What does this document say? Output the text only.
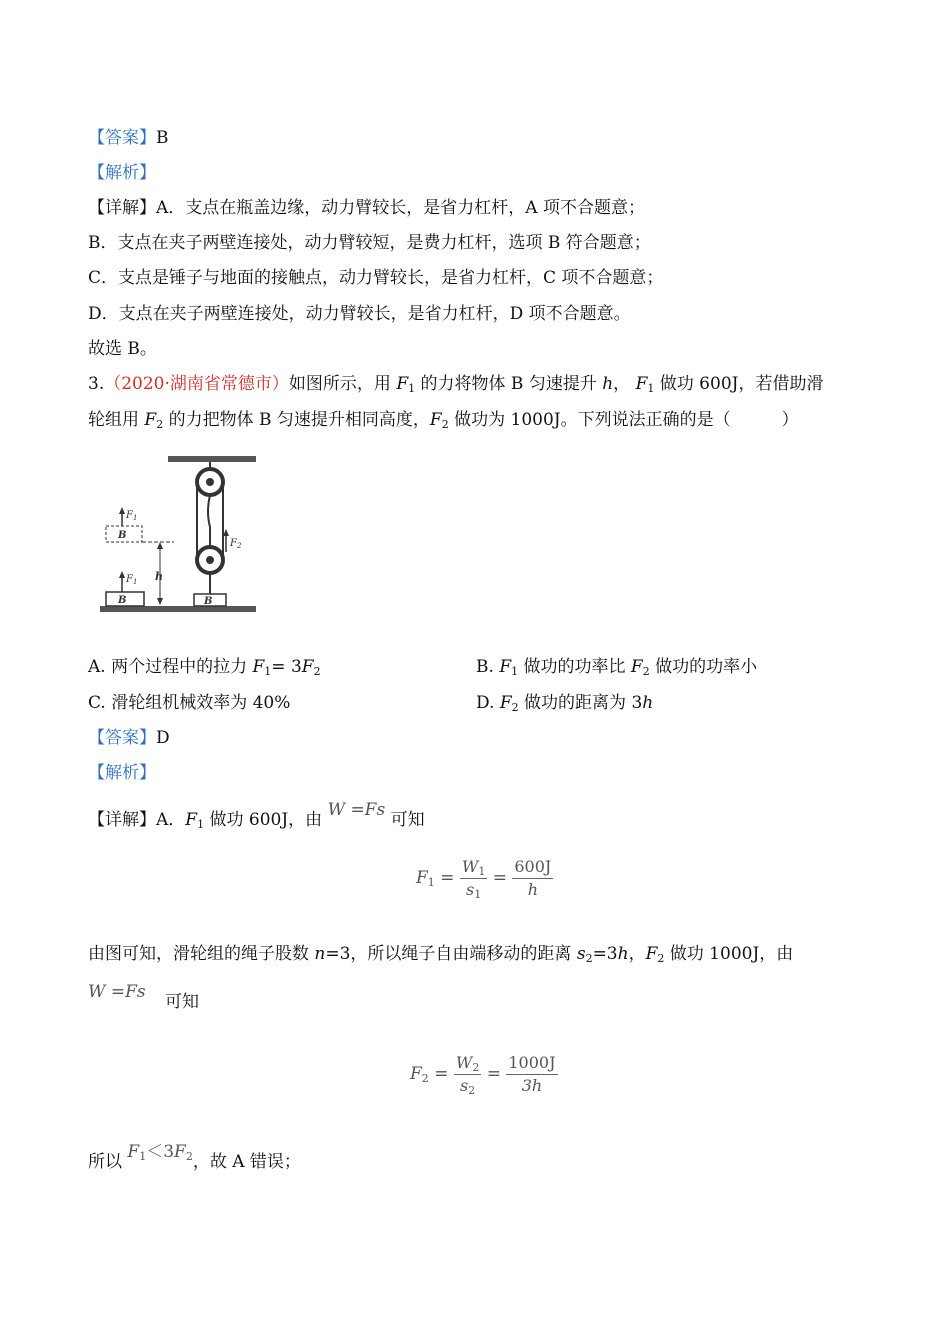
【答案】B
【解析】
【详解】A．支点在瓶盖边缘，动力臂较长，是省力杠杆，A 项不合题意；
B．支点在夹子两壁连接处，动力臂较短，是费力杠杆，选项 B 符合题意；
C．支点是锤子与地面的接触点，动力臂较长，是省力杠杆，C 项不合题意；
D．支点在夹子两壁连接处，动力臂较长，是省力杠杆，D 项不合题意。
故选 B。
3.（2020·湖南省常德市）如图所示，用 $F_1$ 的力将物体 B 匀速提升 h， $F_1$ 做功 600J，若借助滑
轮组用 $F_2$ 的力把物体 B 匀速提升相同高度，$F_2$ 做功为 1000J。下列说法正确的是（　　　）
$F_2$
B	B
B
$F_1$
$F_1$ h
A. 两个过程中的拉力 $F_1= 3F_2$	B. $F_1$ 做功的功率比 $F_2$ 做功的功率小
C. 滑轮组机械效率为 40%	D. $F_2$ 做功的距离为 3h
【答案】D
【解析】
【详解】A．$F_1$ 做功 600J，由 W =Fs 可知
$F_1 = \frac{W_1}{s_1} = \frac{600J}{h}$
由图可知，滑轮组的绳子股数 n=3，所以绳子自由端移动的距离 $s_2=3h$，$F_2$ 做功 1000J，由
W =Fs 可知
$F_2 = \frac{W_2}{s_2} = \frac{1000J}{3h}$
所以 $F_1<3F_2$，故 A 错误；
